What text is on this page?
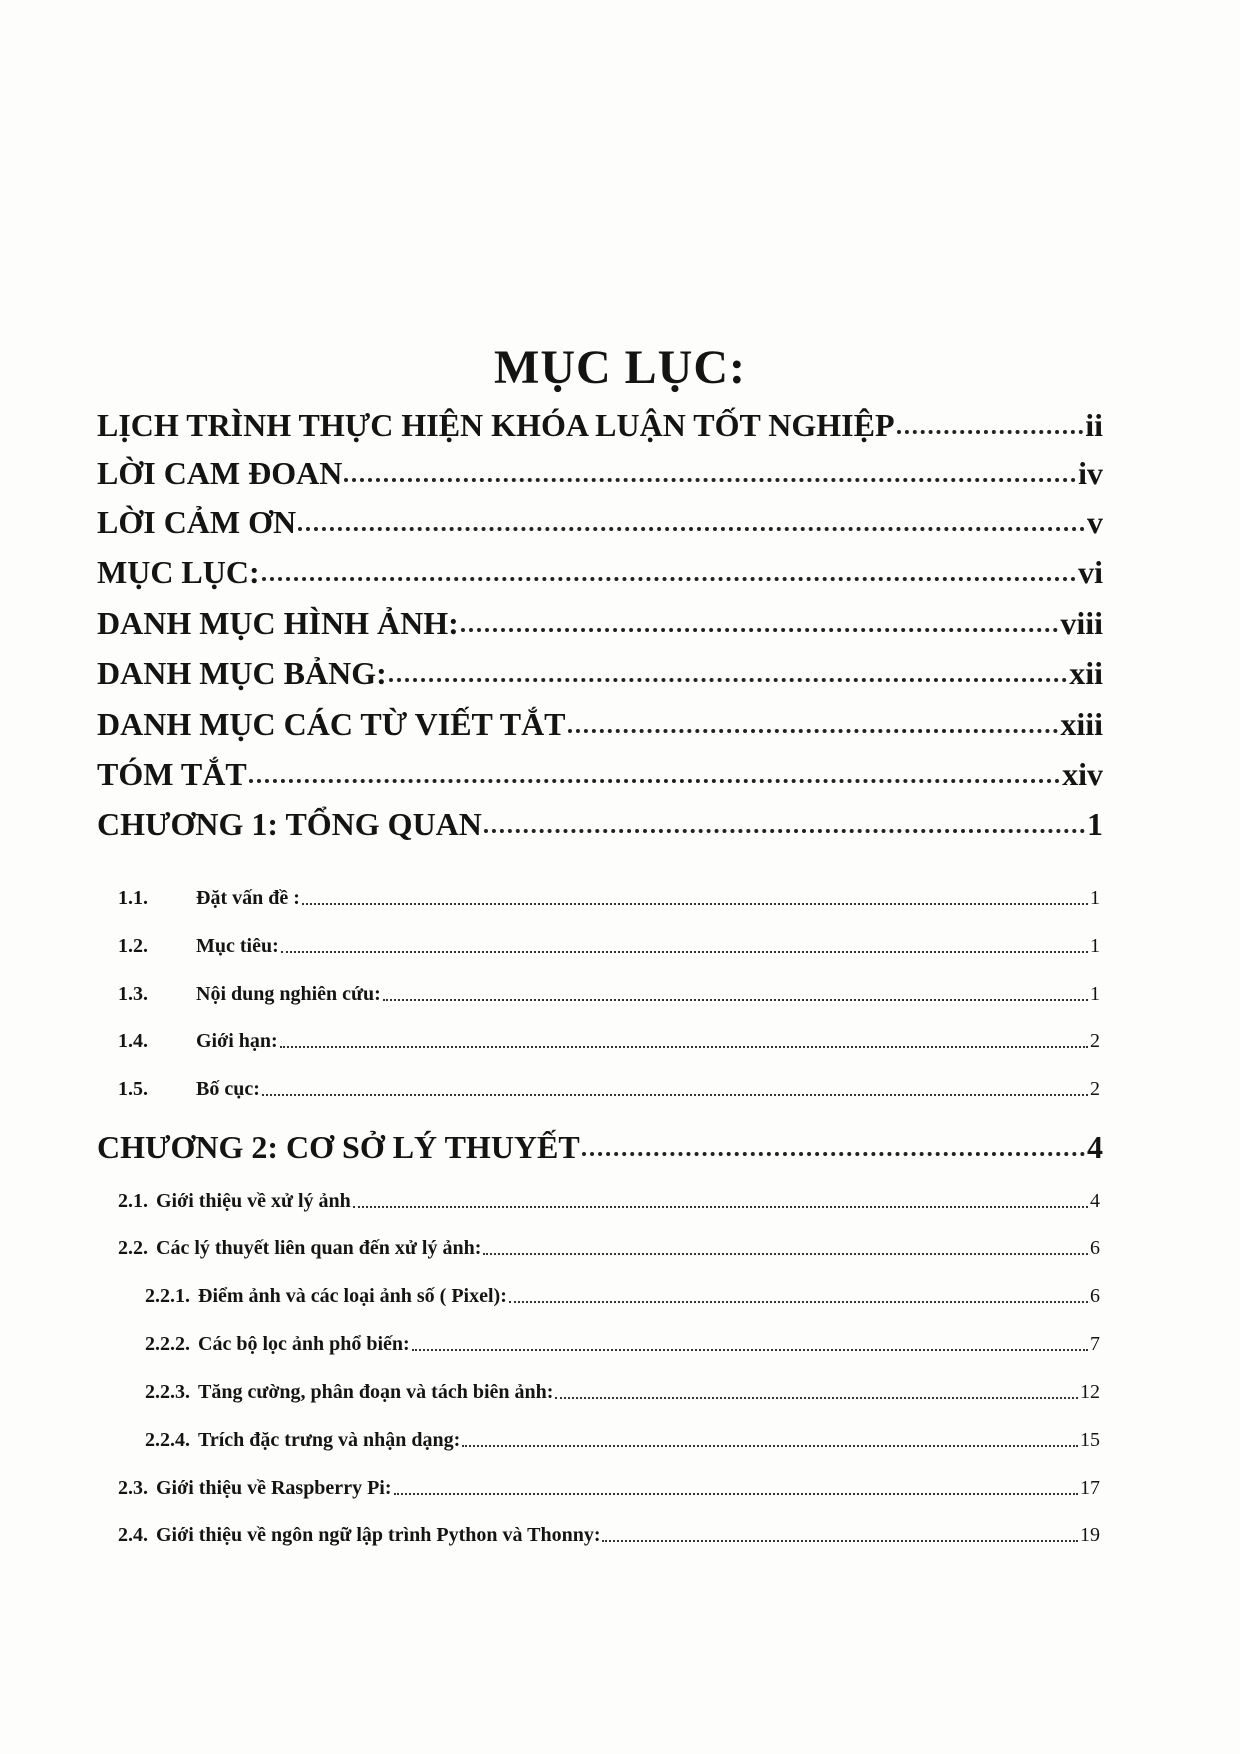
MỤC LỤC:
LỊCH TRÌNH THỰC HIỆN KHÓA LUẬN TỐT NGHIỆP	ii
LỜI CAM ĐOAN	iv
LỜI CẢM ƠN	v
MỤC LỤC:	vi
DANH MỤC HÌNH ẢNH:	viii
DANH MỤC BẢNG:	xii
DANH MỤC CÁC TỪ VIẾT TẮT	xiii
TÓM TẮT	xiv
CHƯƠNG 1: TỔNG QUAN	1
1.1.	Đặt vấn đề :	1
1.2.	Mục tiêu:	1
1.3.	Nội dung nghiên cứu:	1
1.4.	Giới hạn:	2
1.5.	Bố cục:	2
CHƯƠNG 2: CƠ SỞ LÝ THUYẾT	4
2.1. Giới thiệu về xử lý ảnh	4
2.2. Các lý thuyết liên quan đến xử lý ảnh:	6
2.2.1. Điểm ảnh và các loại ảnh số ( Pixel):	6
2.2.2. Các bộ lọc ảnh phổ biến:	7
2.2.3. Tăng cường, phân đoạn và tách biên ảnh:	12
2.2.4. Trích đặc trưng và nhận dạng:	15
2.3. Giới thiệu về Raspberry Pi:	17
2.4. Giới thiệu về ngôn ngữ lập trình Python và Thonny:	19
